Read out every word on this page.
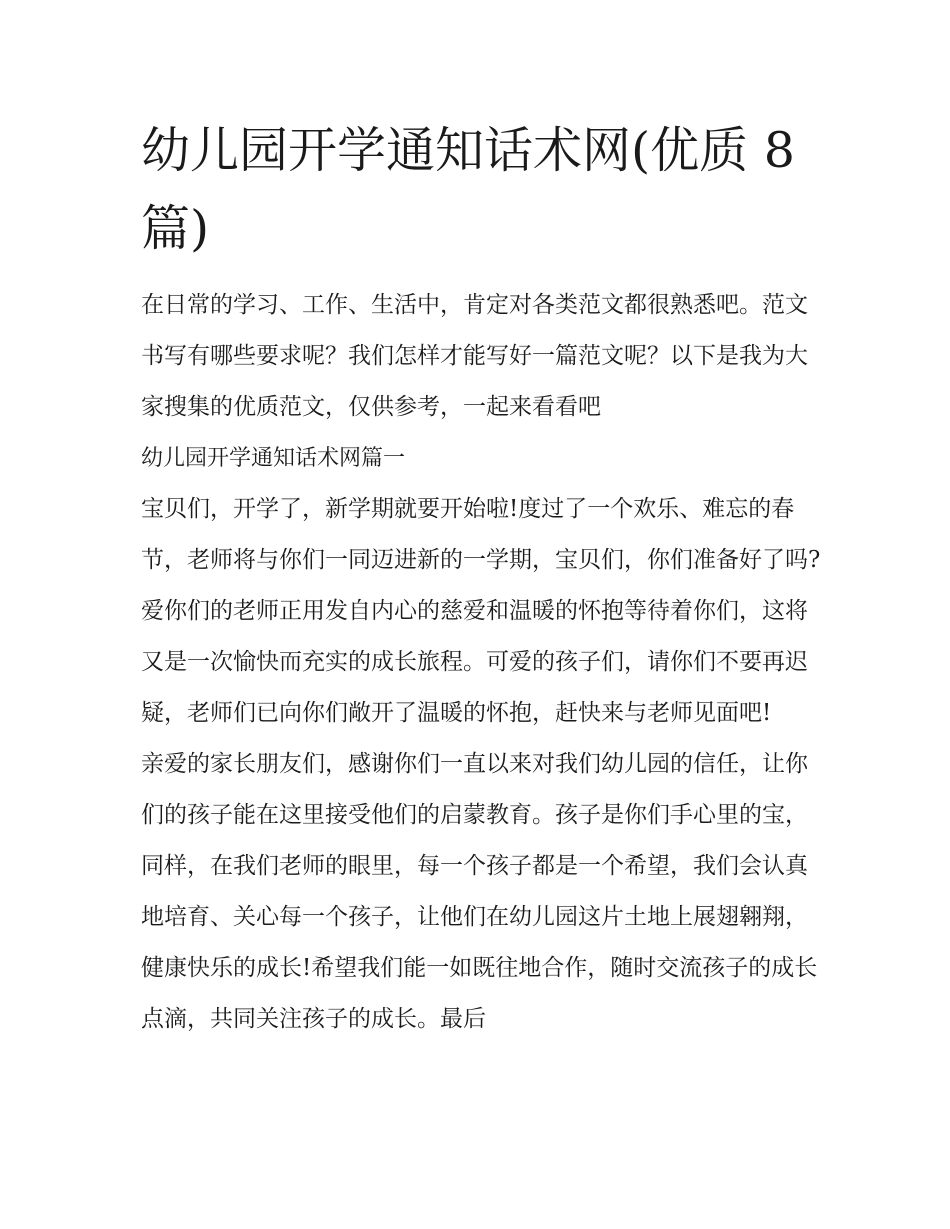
幼儿园开学通知话术网(优质 8 篇)

在日常的学习、工作、生活中，肯定对各类范文都很熟悉吧。范文书写有哪些要求呢？我们怎样才能写好一篇范文呢？以下是我为大家搜集的优质范文，仅供参考，一起来看看吧

幼儿园开学通知话术网篇一

宝贝们，开学了，新学期就要开始啦!度过了一个欢乐、难忘的春节，老师将与你们一同迈进新的一学期，宝贝们，你们准备好了吗?爱你们的老师正用发自内心的慈爱和温暖的怀抱等待着你们，这将又是一次愉快而充实的成长旅程。可爱的孩子们，请你们不要再迟疑，老师们已向你们敞开了温暖的怀抱，赶快来与老师见面吧!

亲爱的家长朋友们，感谢你们一直以来对我们幼儿园的信任，让你们的孩子能在这里接受他们的启蒙教育。孩子是你们手心里的宝，同样，在我们老师的眼里，每一个孩子都是一个希望，我们会认真地培育、关心每一个孩子，让他们在幼儿园这片土地上展翅翱翔，健康快乐的成长!希望我们能一如既往地合作，随时交流孩子的成长点滴，共同关注孩子的成长。最后
